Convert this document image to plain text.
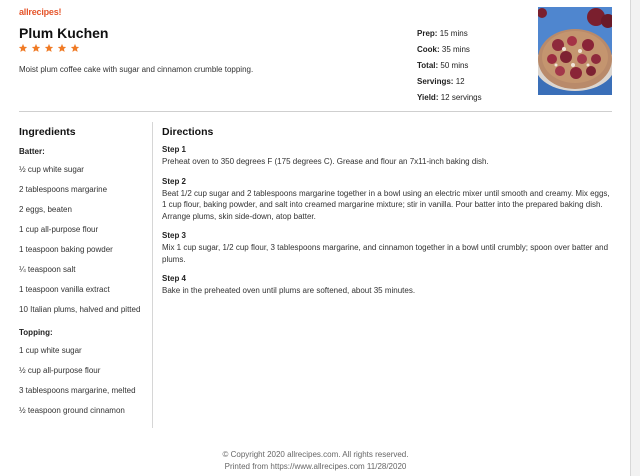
allrecipes!
Plum Kuchen

Moist plum coffee cake with sugar and cinnamon crumble topping.

Prep: 15 mins
Cook: 35 mins
Total: 50 mins
Servings: 12
Yield: 12 servings
Ingredients
Batter:
½ cup white sugar
2 tablespoons margarine
2 eggs, beaten
1 cup all-purpose flour
1 teaspoon baking powder
¼ teaspoon salt
1 teaspoon vanilla extract
10 Italian plums, halved and pitted
Topping:
1 cup white sugar
½ cup all-purpose flour
3 tablespoons margarine, melted
½ teaspoon ground cinnamon
Directions
Step 1
Preheat oven to 350 degrees F (175 degrees C). Grease and flour an 7x11-inch baking dish.
Step 2
Beat 1/2 cup sugar and 2 tablespoons margarine together in a bowl using an electric mixer until smooth and creamy. Mix eggs, 1 cup flour, baking powder, and salt into creamed margarine mixture; stir in vanilla. Pour batter into the prepared baking dish. Arrange plums, skin side-down, atop batter.
Step 3
Mix 1 cup sugar, 1/2 cup flour, 3 tablespoons margarine, and cinnamon together in a bowl until crumbly; spoon over batter and plums.
Step 4
Bake in the preheated oven until plums are softened, about 35 minutes.
© Copyright 2020 allrecipes.com. All rights reserved.
Printed from https://www.allrecipes.com 11/28/2020
